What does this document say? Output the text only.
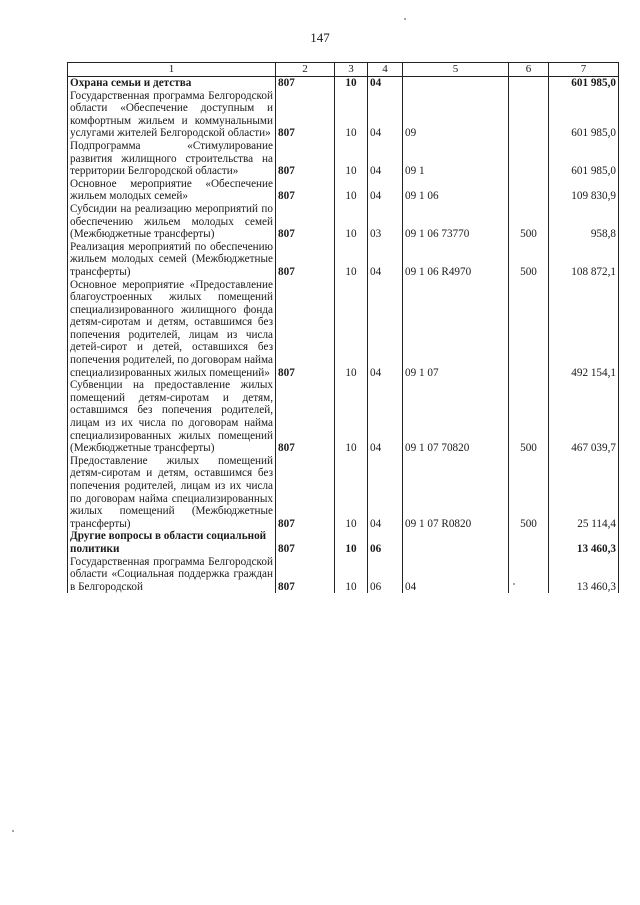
147
1	2	3	4	5	6	7
Охрана семьи и детства	807	10	04			601 985,0
Государственная программа Белгородской области «Обеспечение доступным и комфортным жильем и коммунальными услугами жителей Белгородской области»	807	10	04	09		601 985,0
Подпрограмма «Стимулирование развития жилищного строительства на территории Белгородской области»	807	10	04	09 1		601 985,0
Основное мероприятие «Обеспечение жильем молодых семей»	807	10	04	09 1 06		109 830,9
Субсидии на реализацию мероприятий по обеспечению жильем молодых семей (Межбюджетные трансферты)	807	10	03	09 1 06 73770	500	958,8
Реализация мероприятий по обеспечению жильем молодых семей (Межбюджетные трансферты)	807	10	04	09 1 06 R4970	500	108 872,1
Основное мероприятие «Предоставление благоустроенных жилых помещений специализированного жилищного фонда детям-сиротам и детям, оставшимся без попечения родителей, лицам из числа детей-сирот и детей, оставшихся без попечения родителей, по договорам найма специализированных жилых помещений»	807	10	04	09 1 07		492 154,1
Субвенции на предоставление жилых помещений детям-сиротам и детям, оставшимся без попечения родителей, лицам из их числа по договорам найма специализированных жилых помещений (Межбюджетные трансферты)	807	10	04	09 1 07 70820	500	467 039,7
Предоставление жилых помещений детям-сиротам и детям, оставшимся без попечения родителей, лицам из их числа по договорам найма специализированных жилых помещений (Межбюджетные трансферты)	807	10	04	09 1 07 R0820	500	25 114,4
Другие вопросы в области социальной политики	807	10	06			13 460,3
Государственная программа Белгородской области «Социальная поддержка граждан в Белгородской	807	10	06	04		13 460,3
